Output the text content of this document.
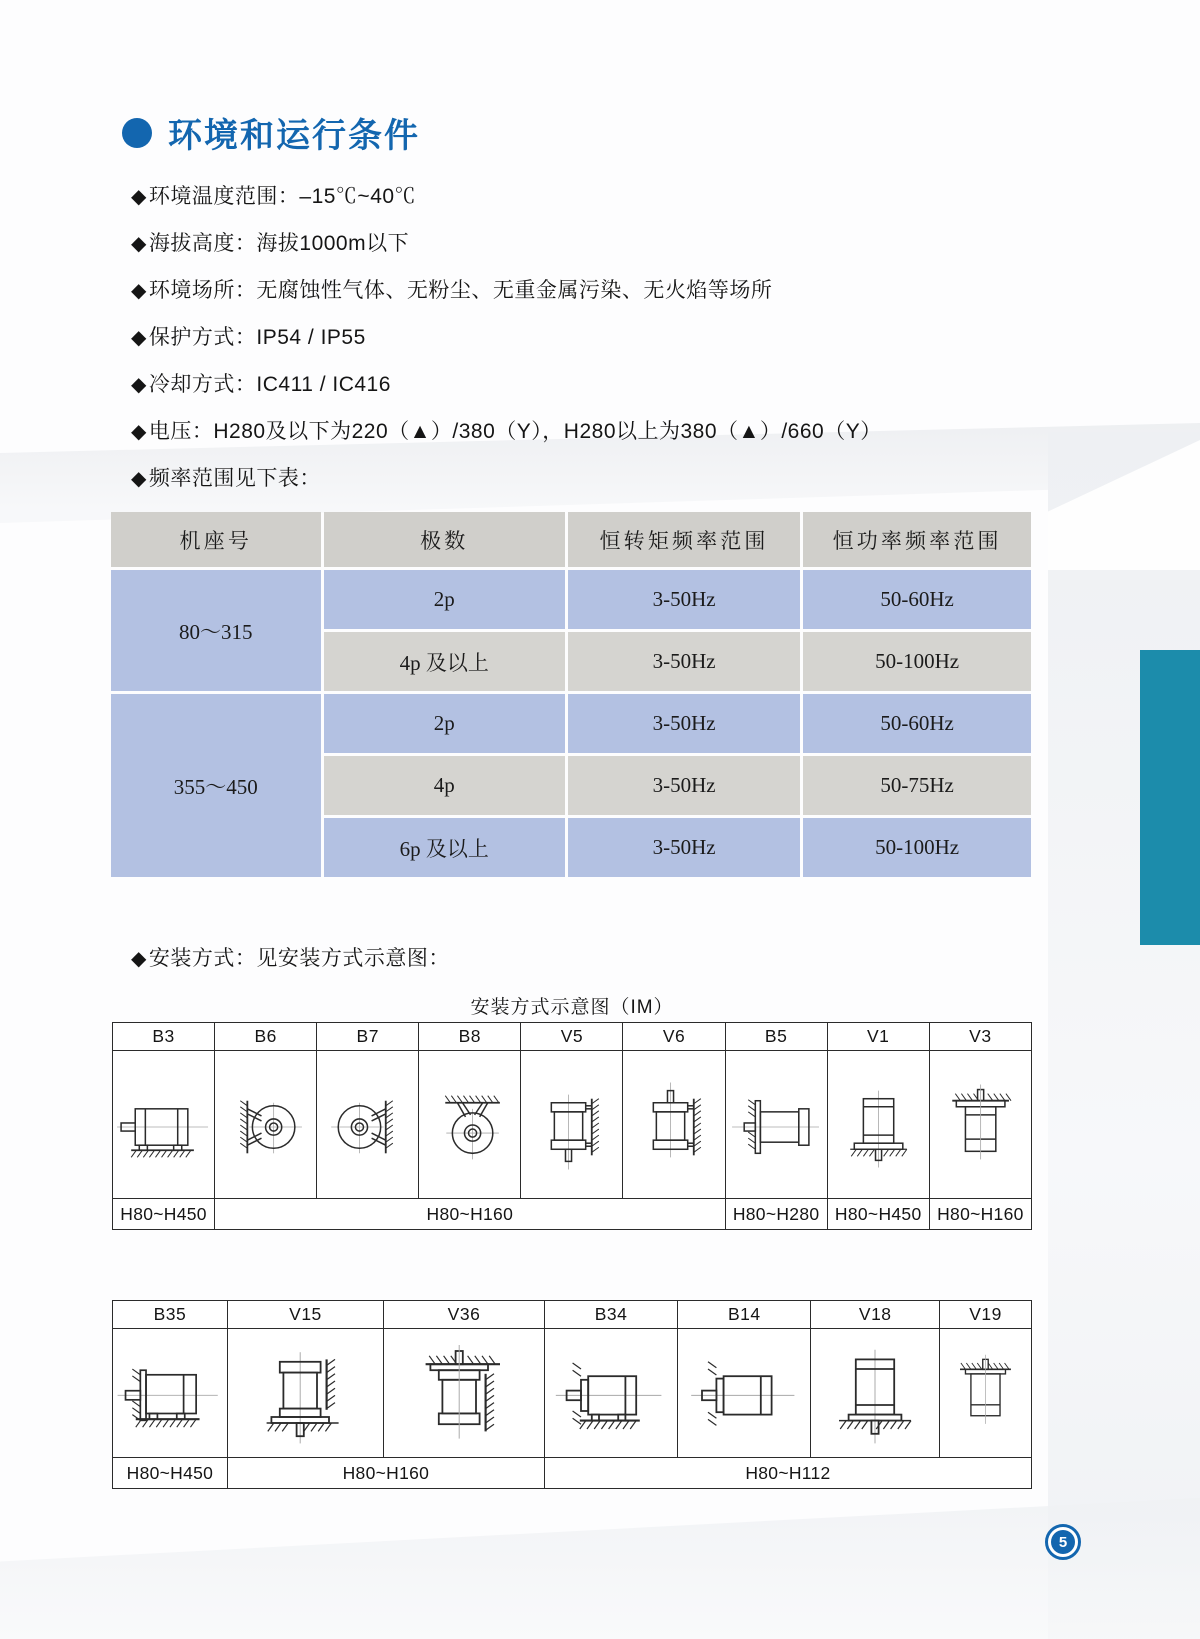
环境和运行条件
◆环境温度范围：–15℃~40℃
◆海拔高度：海拔1000m以下
◆环境场所：无腐蚀性气体、无粉尘、无重金属污染、无火焰等场所
◆保护方式：IP54 / IP55
◆冷却方式：IC411 / IC416
◆电压：H280及以下为220（▲）/380（Y），H280以上为380（▲）/660（Y）
◆频率范围见下表：
机座号	极数	恒转矩频率范围	恒功率频率范围
80～315	2p	3-50Hz	50-60Hz
	4p 及以上	3-50Hz	50-100Hz
355～450	2p	3-50Hz	50-60Hz
	4p	3-50Hz	50-75Hz
	6p 及以上	3-50Hz	50-100Hz
◆安装方式：见安装方式示意图：
安装方式示意图（IM）
B3	B6	B7	B8	V5	V6	B5	V1	V3

H80~H450	H80~H160					H80~H280	H80~H450	H80~H160
B35	V15	V36	B34	B14	V18	V19

H80~H450	H80~H160		H80~H112			
5
